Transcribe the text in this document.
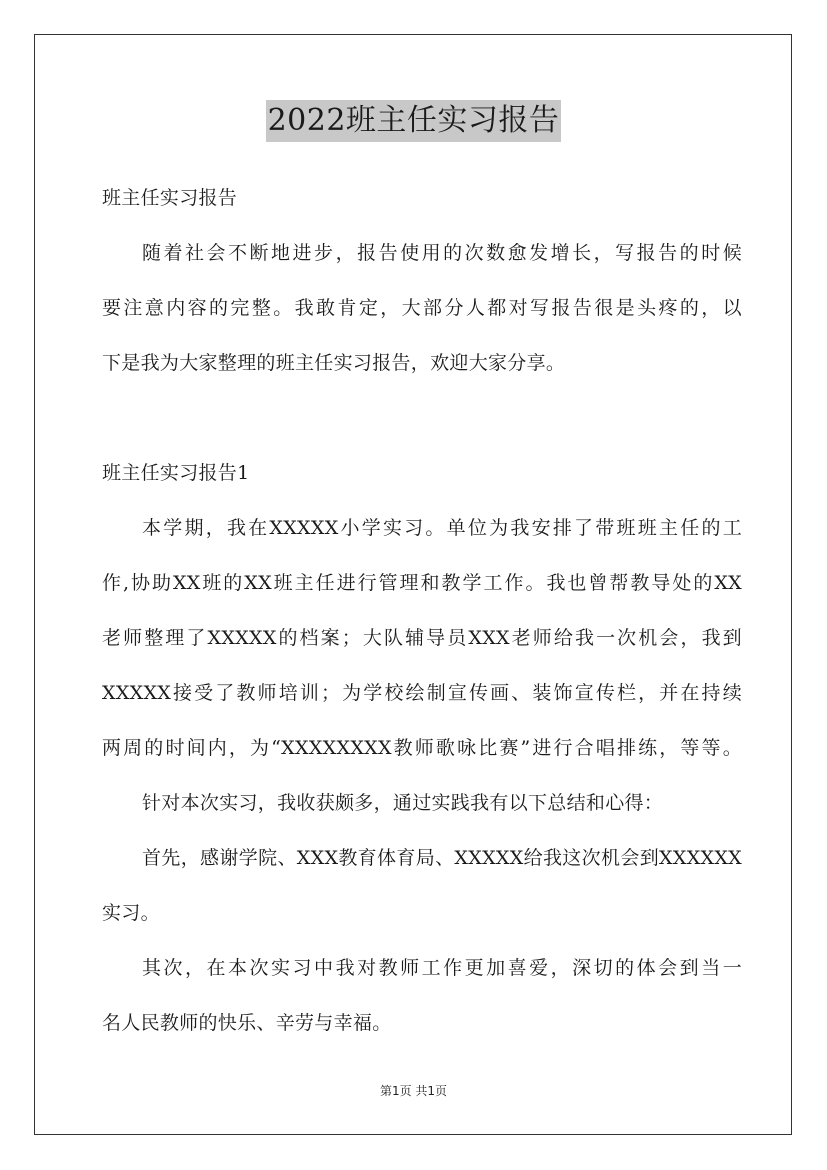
2022班主任实习报告
班主任实习报告
随着社会不断地进步，报告使用的次数愈发增长，写报告的时候
要注意内容的完整。我敢肯定，大部分人都对写报告很是头疼的，以
下是我为大家整理的班主任实习报告，欢迎大家分享。
班主任实习报告1
本学期，我在XXXXX小学实习。单位为我安排了带班班主任的工
作,协助XX班的XX班主任进行管理和教学工作。我也曾帮教导处的XX
老师整理了XXXXX的档案；大队辅导员XXX老师给我一次机会，我到
XXXXX接受了教师培训；为学校绘制宣传画、装饰宣传栏，并在持续
两周的时间内，为“XXXXXXXX教师歌咏比赛”进行合唱排练，等等。
针对本次实习，我收获颇多，通过实践我有以下总结和心得：
首先，感谢学院、XXX教育体育局、XXXXX给我这次机会到XXXXXX
实习。
其次，在本次实习中我对教师工作更加喜爱，深切的体会到当一
名人民教师的快乐、辛劳与幸福。
第1页 共1页
